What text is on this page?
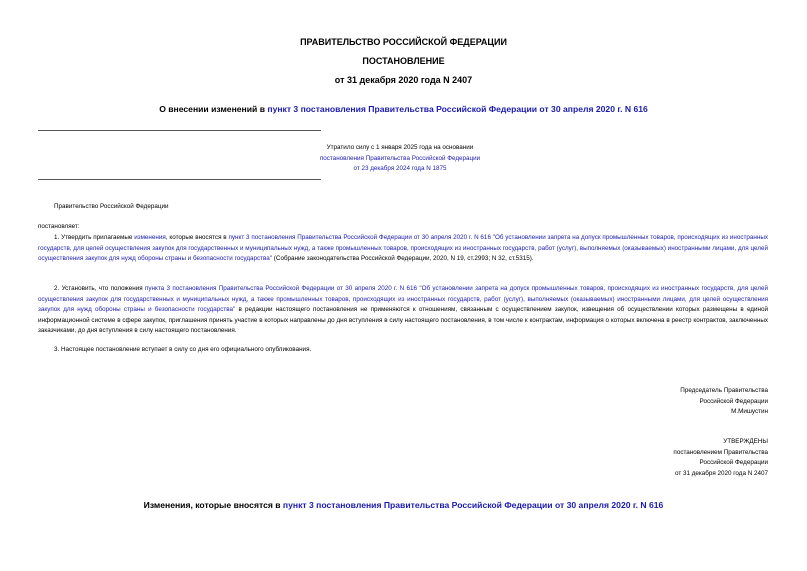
ПРАВИТЕЛЬСТВО РОССИЙСКОЙ ФЕДЕРАЦИИ
ПОСТАНОВЛЕНИЕ
от 31 декабря 2020 года N 2407
О внесении изменений в пункт 3 постановления Правительства Российской Федерации от 30 апреля 2020 г. N 616
Утратило силу с 1 января 2025 года на основании
постановления Правительства Российской Федерации
от 23 декабря 2024 года N 1875
Правительство Российской Федерации
постановляет:
1. Утвердить прилагаемые изменения, которые вносятся в пункт 3 постановления Правительства Российской Федерации от 30 апреля 2020 г. N 616 "Об установлении запрета на допуск промышленных товаров, происходящих из иностранных государств, для целей осуществления закупок для государственных и муниципальных нужд, а также промышленных товаров, происходящих из иностранных государств, работ (услуг), выполняемых (оказываемых) иностранными лицами, для целей осуществления закупок для нужд обороны страны и безопасности государства" (Собрание законодательства Российской Федерации, 2020, N 19, ст.2993; N 32, ст.5315).
2. Установить, что положения пункта 3 постановления Правительства Российской Федерации от 30 апреля 2020 г. N 616 "Об установлении запрета на допуск промышленных товаров, происходящих из иностранных государств, для целей осуществления закупок для государственных и муниципальных нужд, а также промышленных товаров, происходящих из иностранных государств, работ (услуг), выполняемых (оказываемых) иностранными лицами, для целей осуществления закупок для нужд обороны страны и безопасности государства" в редакции настоящего постановления не применяются к отношениям, связанным с осуществлением закупок, извещения об осуществлении которых размещены в единой информационной системе в сфере закупок, приглашения принять участие в которых направлены до дня вступления в силу настоящего постановления, в том числе к контрактам, информация о которых включена в реестр контрактов, заключенных заказчиками, до дня вступления в силу настоящего постановления.
3. Настоящее постановление вступает в силу со дня его официального опубликования.
Председатель Правительства
Российской Федерации
М.Мишустин
УТВЕРЖДЕНЫ
постановлением Правительства
Российской Федерации
от 31 декабря 2020 года N 2407
Изменения, которые вносятся в пункт 3 постановления Правительства Российской Федерации от 30 апреля 2020 г. N 616
